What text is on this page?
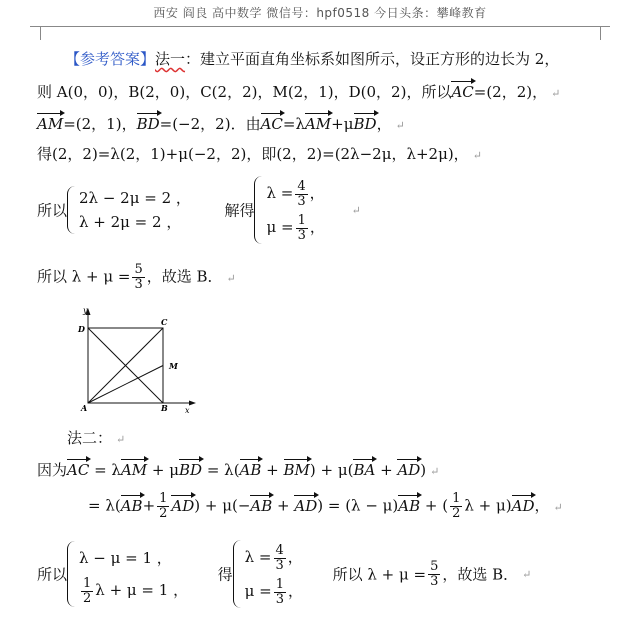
西安 阎良 高中数学 微信号：hpf0518 今日头条：攀峰教育
【参考答案】法一：建立平面直角坐标系如图所示，设正方形的边长为 2，
则 A(0，0)，B(2，0)，C(2，2)，M(2，1)，D(0，2)，所以AC=(2，2)， ↵
AM=(2，1)，BD=(−2，2)．由AC=λAM+μBD， ↵
得(2，2)=λ(2，1)+μ(−2，2)，即(2，2)=(2λ−2μ，λ+2μ)， ↵
所以
2λ − 2μ = 2 ，
λ + 2μ = 2 ，
解得
$\lambda = \frac{4}{3}$ ，
$\mu = \frac{1}{3}$ ，
↵
所以 $\lambda + \mu = \frac{5}{3}$ ，故选 B． ↵
y
D
C
M
A	B x
法二： ↵
因为AC = λAM + μBD = λ(AB + BM) + μ(BA + AD) ↵
= $\lambda(AB+ \frac{1}{2} AD) + \mu(-AB + AD) = (\lambda - \mu)AB$ + ( $\frac{1}{2}$ λ + μ)AD， ↵
所以
λ − μ = 1 ，
$\frac{1}{2}$ λ + μ = 1 ，
得
$\lambda = \frac{4}{3}$ ，
$\mu = \frac{1}{3}$ ，
所以 $\lambda + \mu = \frac{5}{3}$ ，故选 B． ↵
